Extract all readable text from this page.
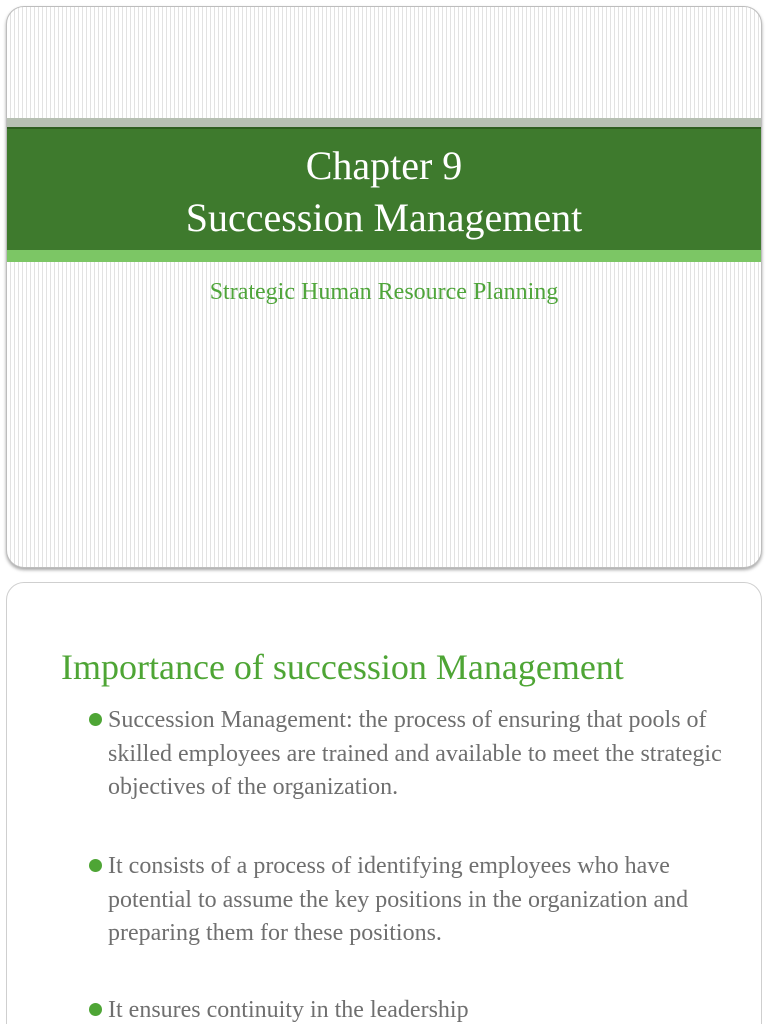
Chapter 9
Succession Management
Strategic Human Resource Planning
Importance of succession Management
Succession Management: the process of ensuring that pools of skilled employees are trained and available to meet the strategic objectives of the organization.
It consists of a process of identifying employees who have potential to assume the key positions in the organization and preparing them for these positions.
It ensures continuity in the leadership
